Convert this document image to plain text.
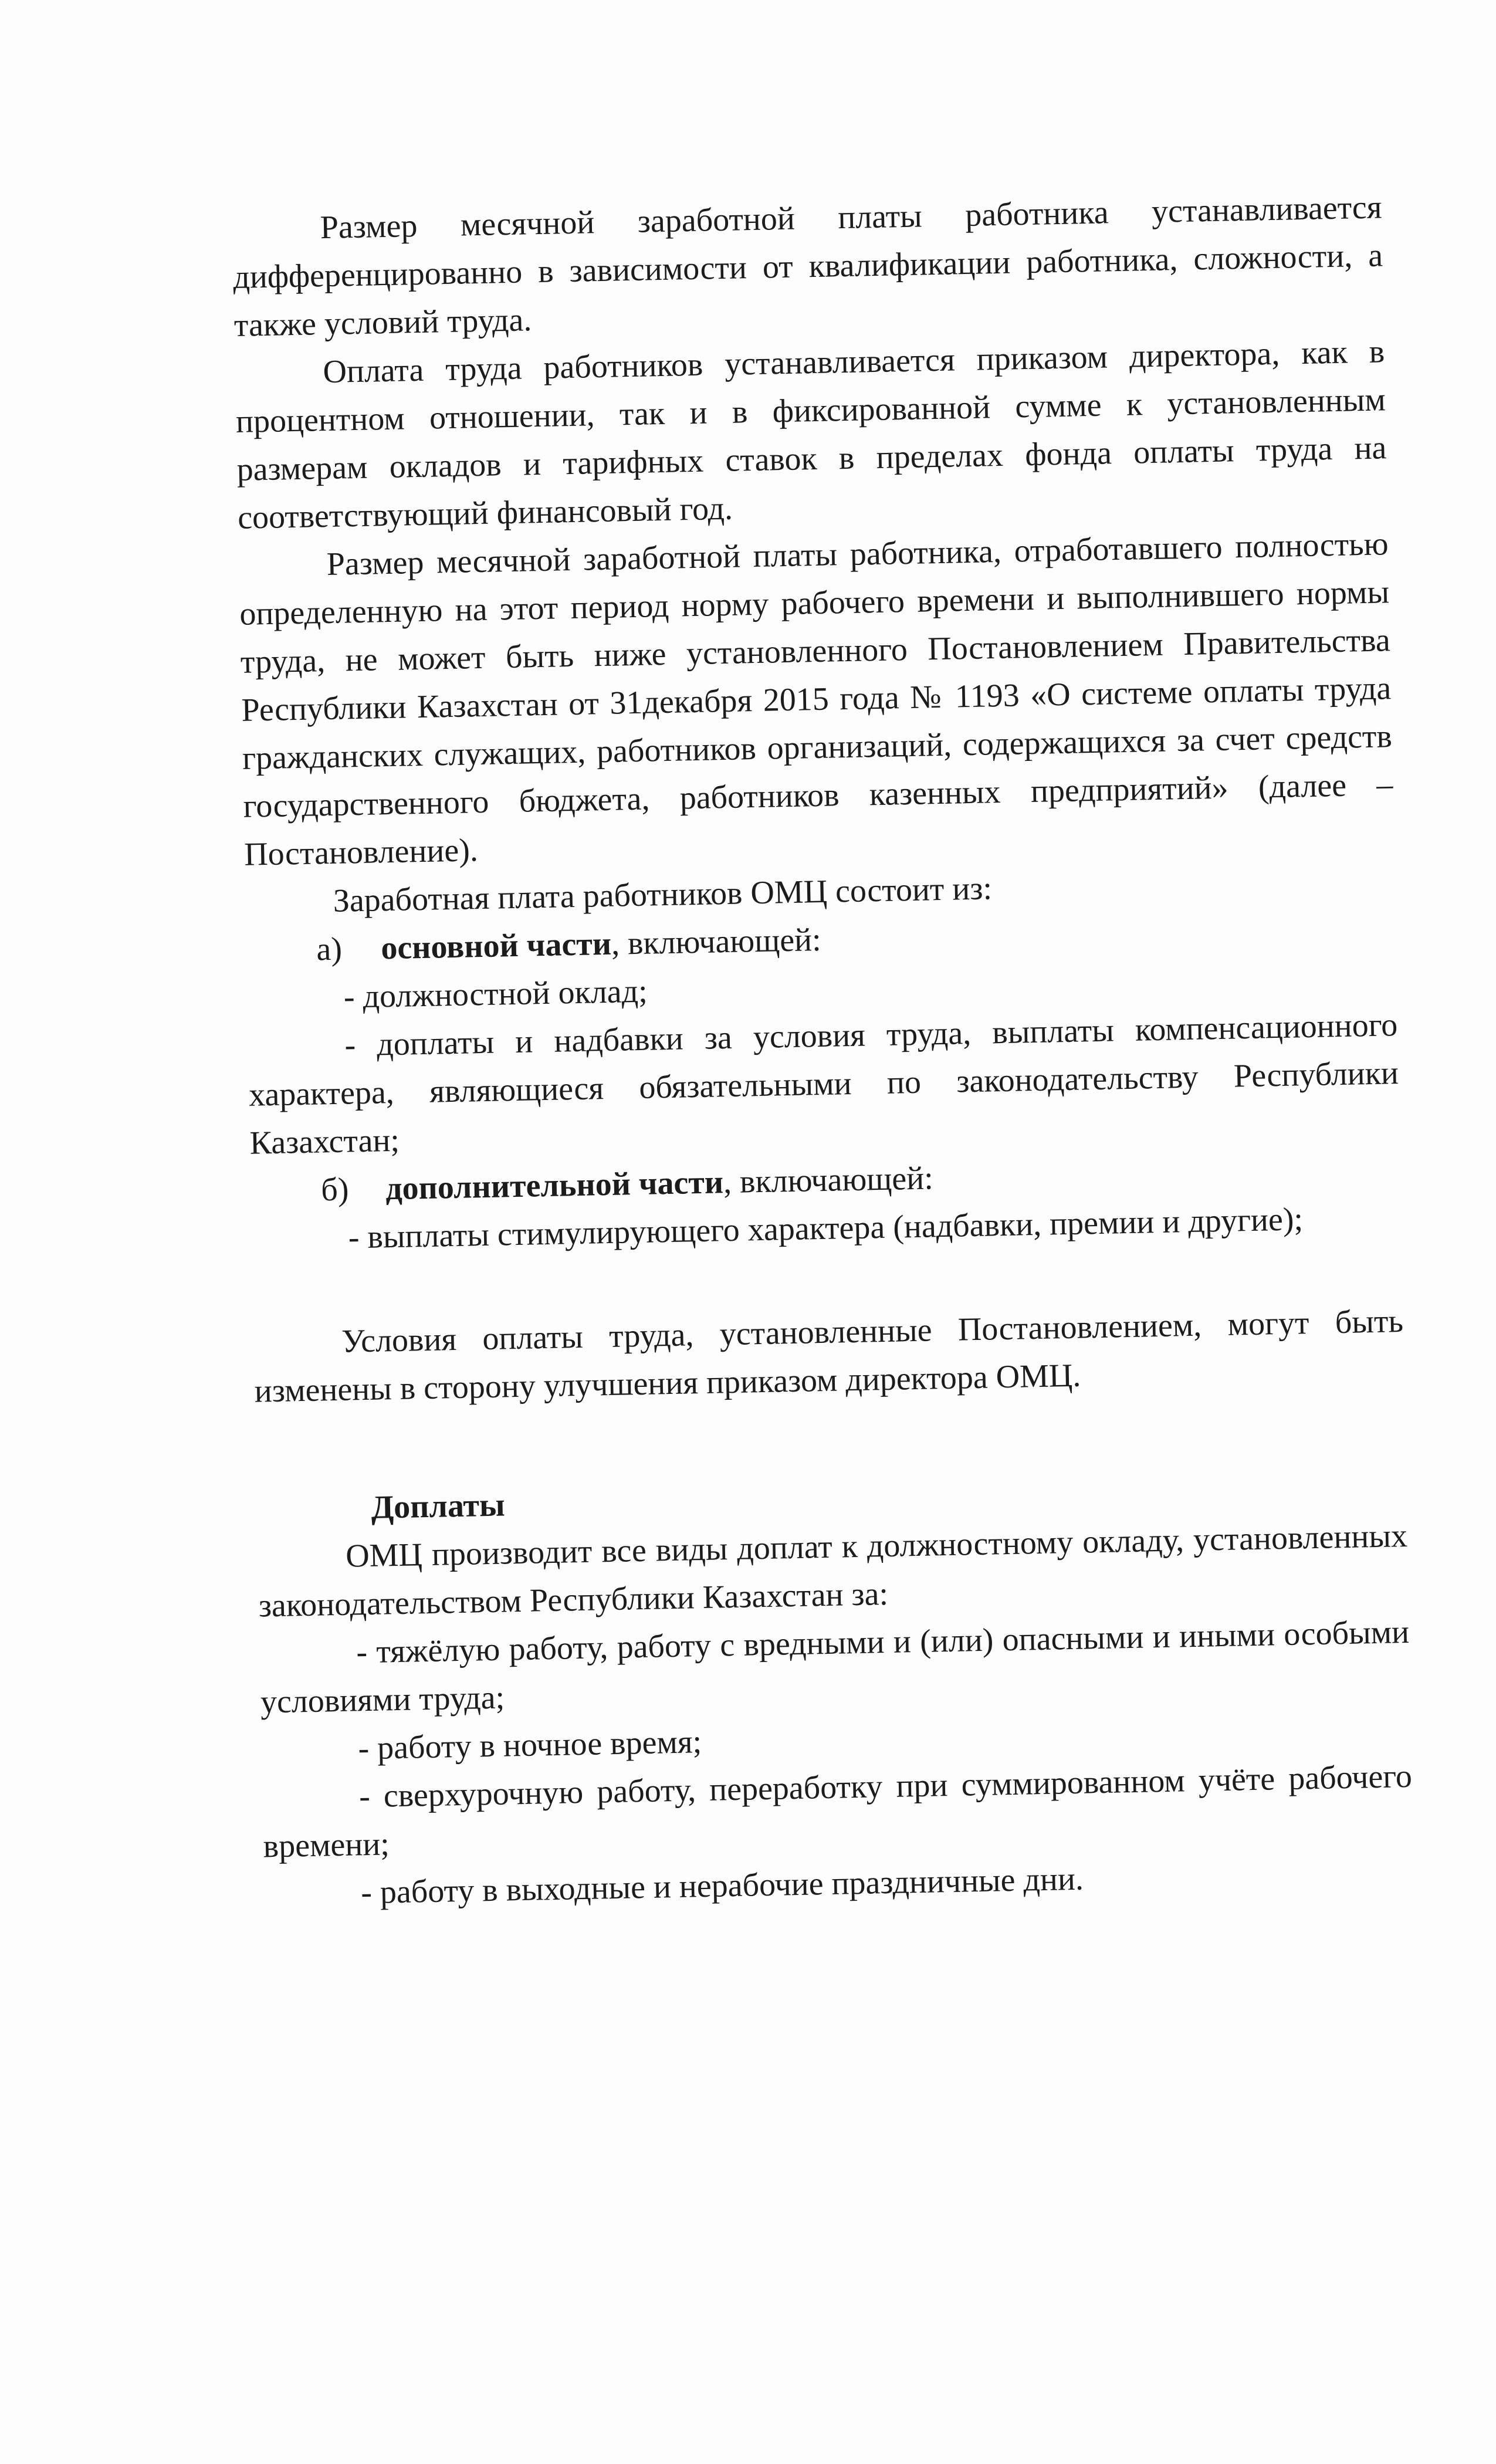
Размер месячной заработной платы работника устанавливается дифференцированно в зависимости от квалификации работника, сложности, а также условий труда.

Оплата труда работников устанавливается приказом директора, как в процентном отношении, так и в фиксированной сумме к установленным размерам окладов и тарифных ставок в пределах фонда оплаты труда на соответствующий финансовый год.

Размер месячной заработной платы работника, отработавшего полностью определенную на этот период норму рабочего времени и выполнившего нормы труда, не может быть ниже установленного Постановлением Правительства Республики Казахстан от 31декабря 2015 года № 1193 «О системе оплаты труда гражданских служащих, работников организаций, содержащихся за счет средств государственного бюджета, работников казенных предприятий» (далее – Постановление).

Заработная плата работников ОМЦ состоит из:

а) основной части, включающей:

- должностной оклад;

- доплаты и надбавки за условия труда, выплаты компенсационного характера, являющиеся обязательными по законодательству Республики Казахстан;

б) дополнительной части, включающей:

- выплаты стимулирующего характера (надбавки, премии и другие);

Условия оплаты труда, установленные Постановлением, могут быть изменены в сторону улучшения приказом директора ОМЦ.

Доплаты

ОМЦ производит все виды доплат к должностному окладу, установленных законодательством Республики Казахстан за:

- тяжёлую работу, работу с вредными и (или) опасными и иными особыми условиями труда;

- работу в ночное время;

- сверхурочную работу, переработку при суммированном учёте рабочего времени;

- работу в выходные и нерабочие праздничные дни.
